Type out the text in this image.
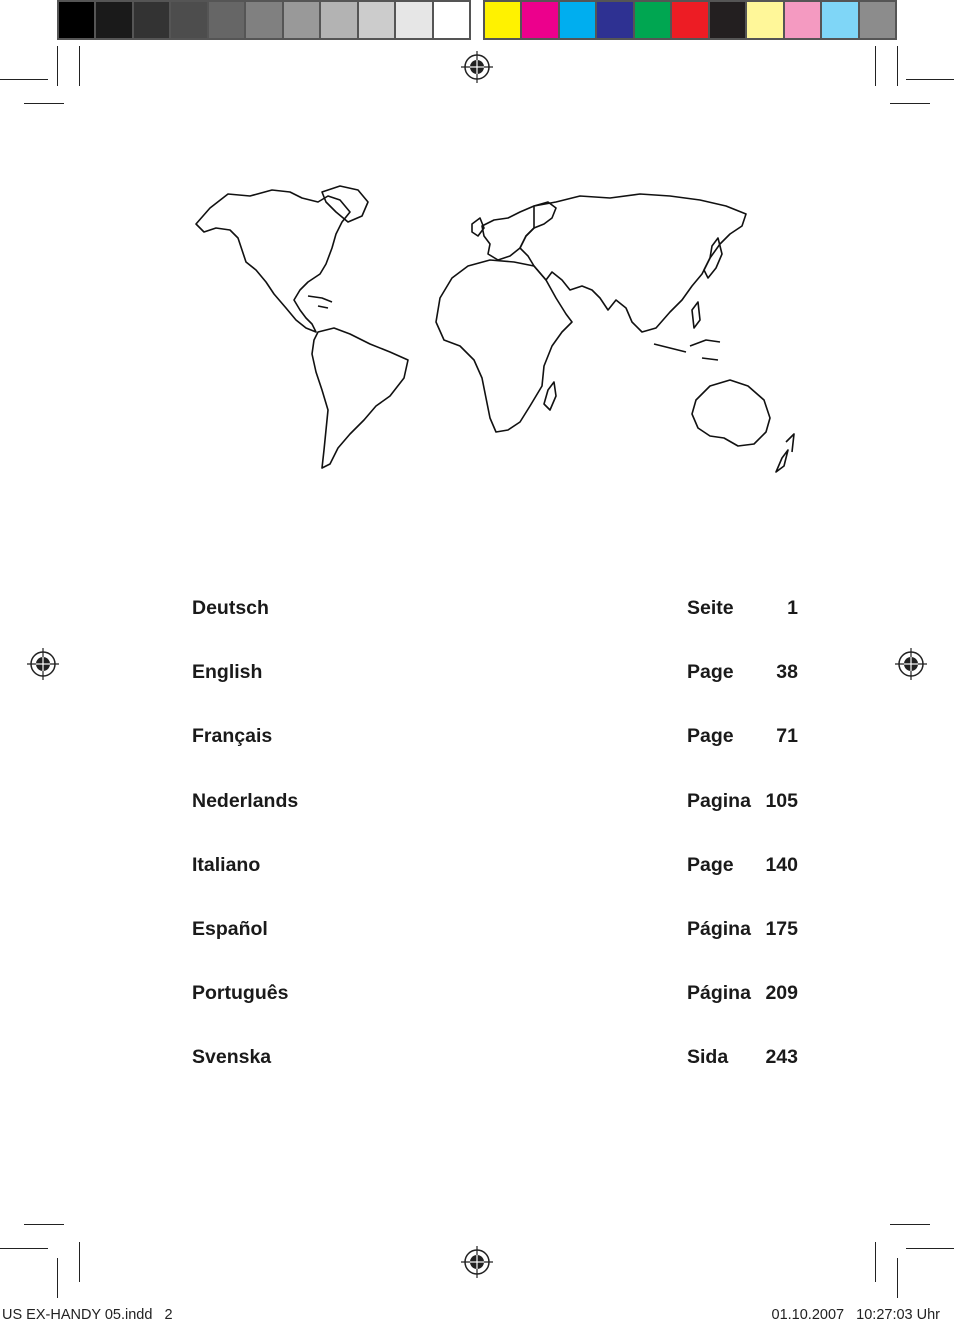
Deutsch	Seite	1
English	Page 38
Français	Page 71
Nederlands	Pagina 105
Italiano	Page 140
Español	Página 175
Português	Página 209
Svenska	Sida 243
US EX-HANDY 05.indd   2	01.10.2007   10:27:03 Uhr
